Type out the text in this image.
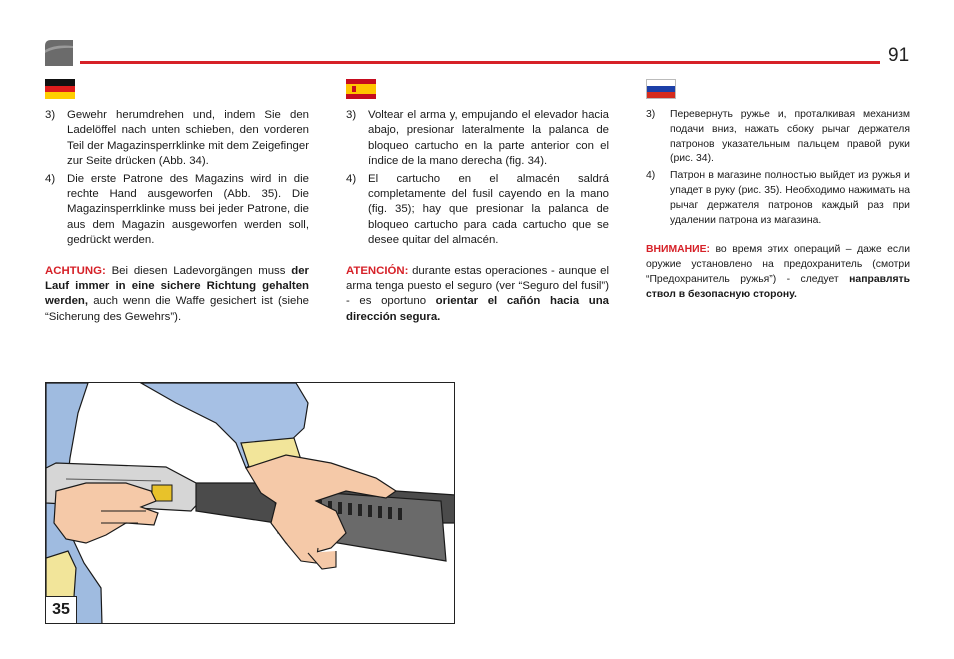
91
3) Gewehr herumdrehen und, indem Sie den Ladelöffel nach unten schieben, den vorderen Teil der Magazinsperrklinke mit dem Zeigefinger zur Seite drücken (Abb. 34).
4) Die erste Patrone des Magazins wird in die rechte Hand ausgeworfen (Abb. 35). Die Magazinsperrklinke muss bei jeder Patrone, die aus dem Magazin ausgeworfen werden soll, gedrückt werden.
ACHTUNG: Bei diesen Ladevorgängen muss der Lauf immer in eine sichere Richtung gehalten werden, auch wenn die Waffe gesichert ist (siehe “Sicherung des Gewehrs”).
3) Voltear el arma y, empujando el elevador hacia abajo, presionar lateralmente la palanca de bloqueo cartucho en la parte anterior con el índice de la mano derecha (fig. 34).
4) El cartucho en el almacén saldrá completamente del fusil cayendo en la mano (fig. 35); hay que presionar la palanca de bloqueo cartucho para cada cartucho que se desee quitar del almacén.
ATENCIÓN: durante estas operaciones - aunque el arma tenga puesto el seguro (ver “Seguro del fusil”) - es oportuno orientar el cañón hacia una dirección segura.
3) Перевернуть ружье и, проталкивая механизм подачи вниз, нажать сбоку рычаг держателя патронов указательным пальцем правой руки (рис. 34).
4) Патрон в магазине полностью выйдет из ружья и упадет в руку (рис. 35). Необходимо нажимать на рычаг держателя патронов каждый раз при удалении патрона из магазина.
ВНИМАНИЕ: во время этих операций – даже если оружие установлено на предохранитель (смотри “Предохранитель ружья”) - следует направлять ствол в безопасную сторону.
35
